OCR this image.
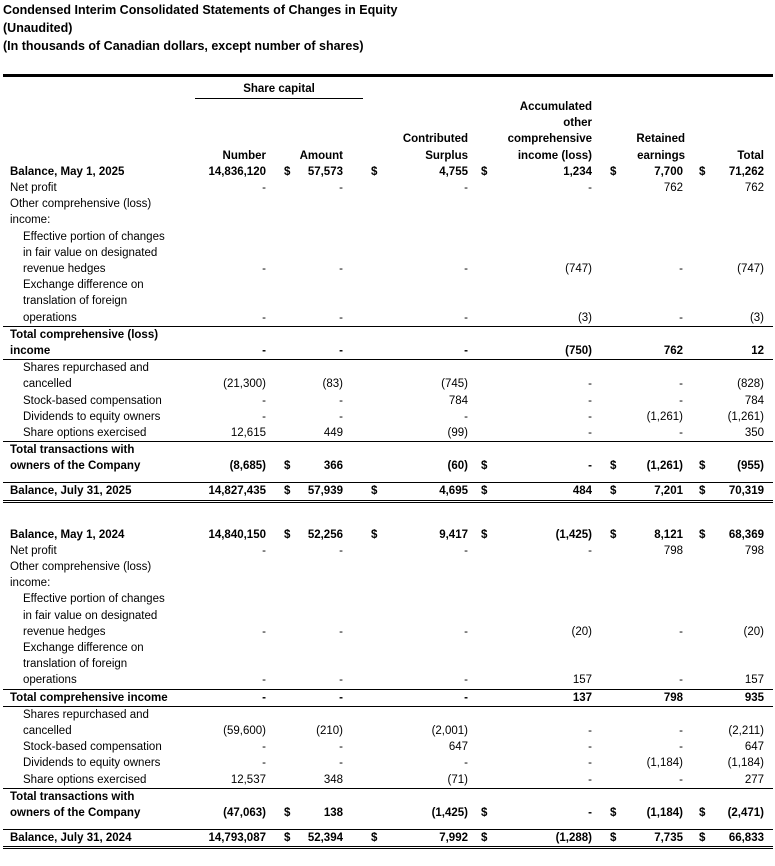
Condensed Interim Consolidated Statements of Changes in Equity
(Unaudited)
(In thousands of Canadian dollars, except number of shares)
Share capital
Number	Amount
Contributed
Surplus
Accumulated
other
comprehensive
income (loss)
Retained
earnings	Total
Balance, May 1, 2025	14,836,120	57,573	4,755	1,234	7,700	71,262
$	$	$	$	$
Net profit	-	-	-	-	762	762
Other comprehensive (loss)
income:
Effective portion of changes
in fair value on designated
revenue hedges	-	-	-	(747)	-	(747)
Exchange difference on
translation of foreign
operations	-	-	-	(3)	-	(3)
Total comprehensive (loss)
income	-	-	-	(750)	762	12
Shares repurchased and
cancelled	(21,300)	(83)	(745)	-	-	(828)
Stock-based compensation	-	-	784	-	-	784
Dividends to equity owners	-	-	-	-	(1,261)	(1,261)
Share options exercised	12,615	449	(99)	-	-	350
Total transactions with
owners of the Company	(8,685)	366	(60)	-	(1,261)	(955)
$	$	$	$
Balance, July 31, 2025	14,827,435	57,939	4,695	484	7,201	70,319
$	$	$	$	$
Balance, May 1, 2024	14,840,150	52,256	9,417	(1,425)	8,121	68,369
$	$	$	$	$
Net profit	-	-	-	-	798	798
Other comprehensive (loss)
income:
Effective portion of changes
in fair value on designated
revenue hedges	-	-	-	(20)	-	(20)
Exchange difference on
translation of foreign
operations	-	-	-	157	-	157
Total comprehensive income	-	-	-	137	798	935
Shares repurchased and
cancelled	(59,600)	(210)	(2,001)	-	-	(2,211)
Stock-based compensation	-	-	647	-	-	647
Dividends to equity owners	-	-	-	-	(1,184)	(1,184)
Share options exercised	12,537	348	(71)	-	-	277
Total transactions with
owners of the Company	(47,063)	138	(1,425)	-	(1,184)	(2,471)
$	$	$	$
Balance, July 31, 2024	14,793,087	52,394	7,992	(1,288)	7,735	66,833
$	$	$	$	$
